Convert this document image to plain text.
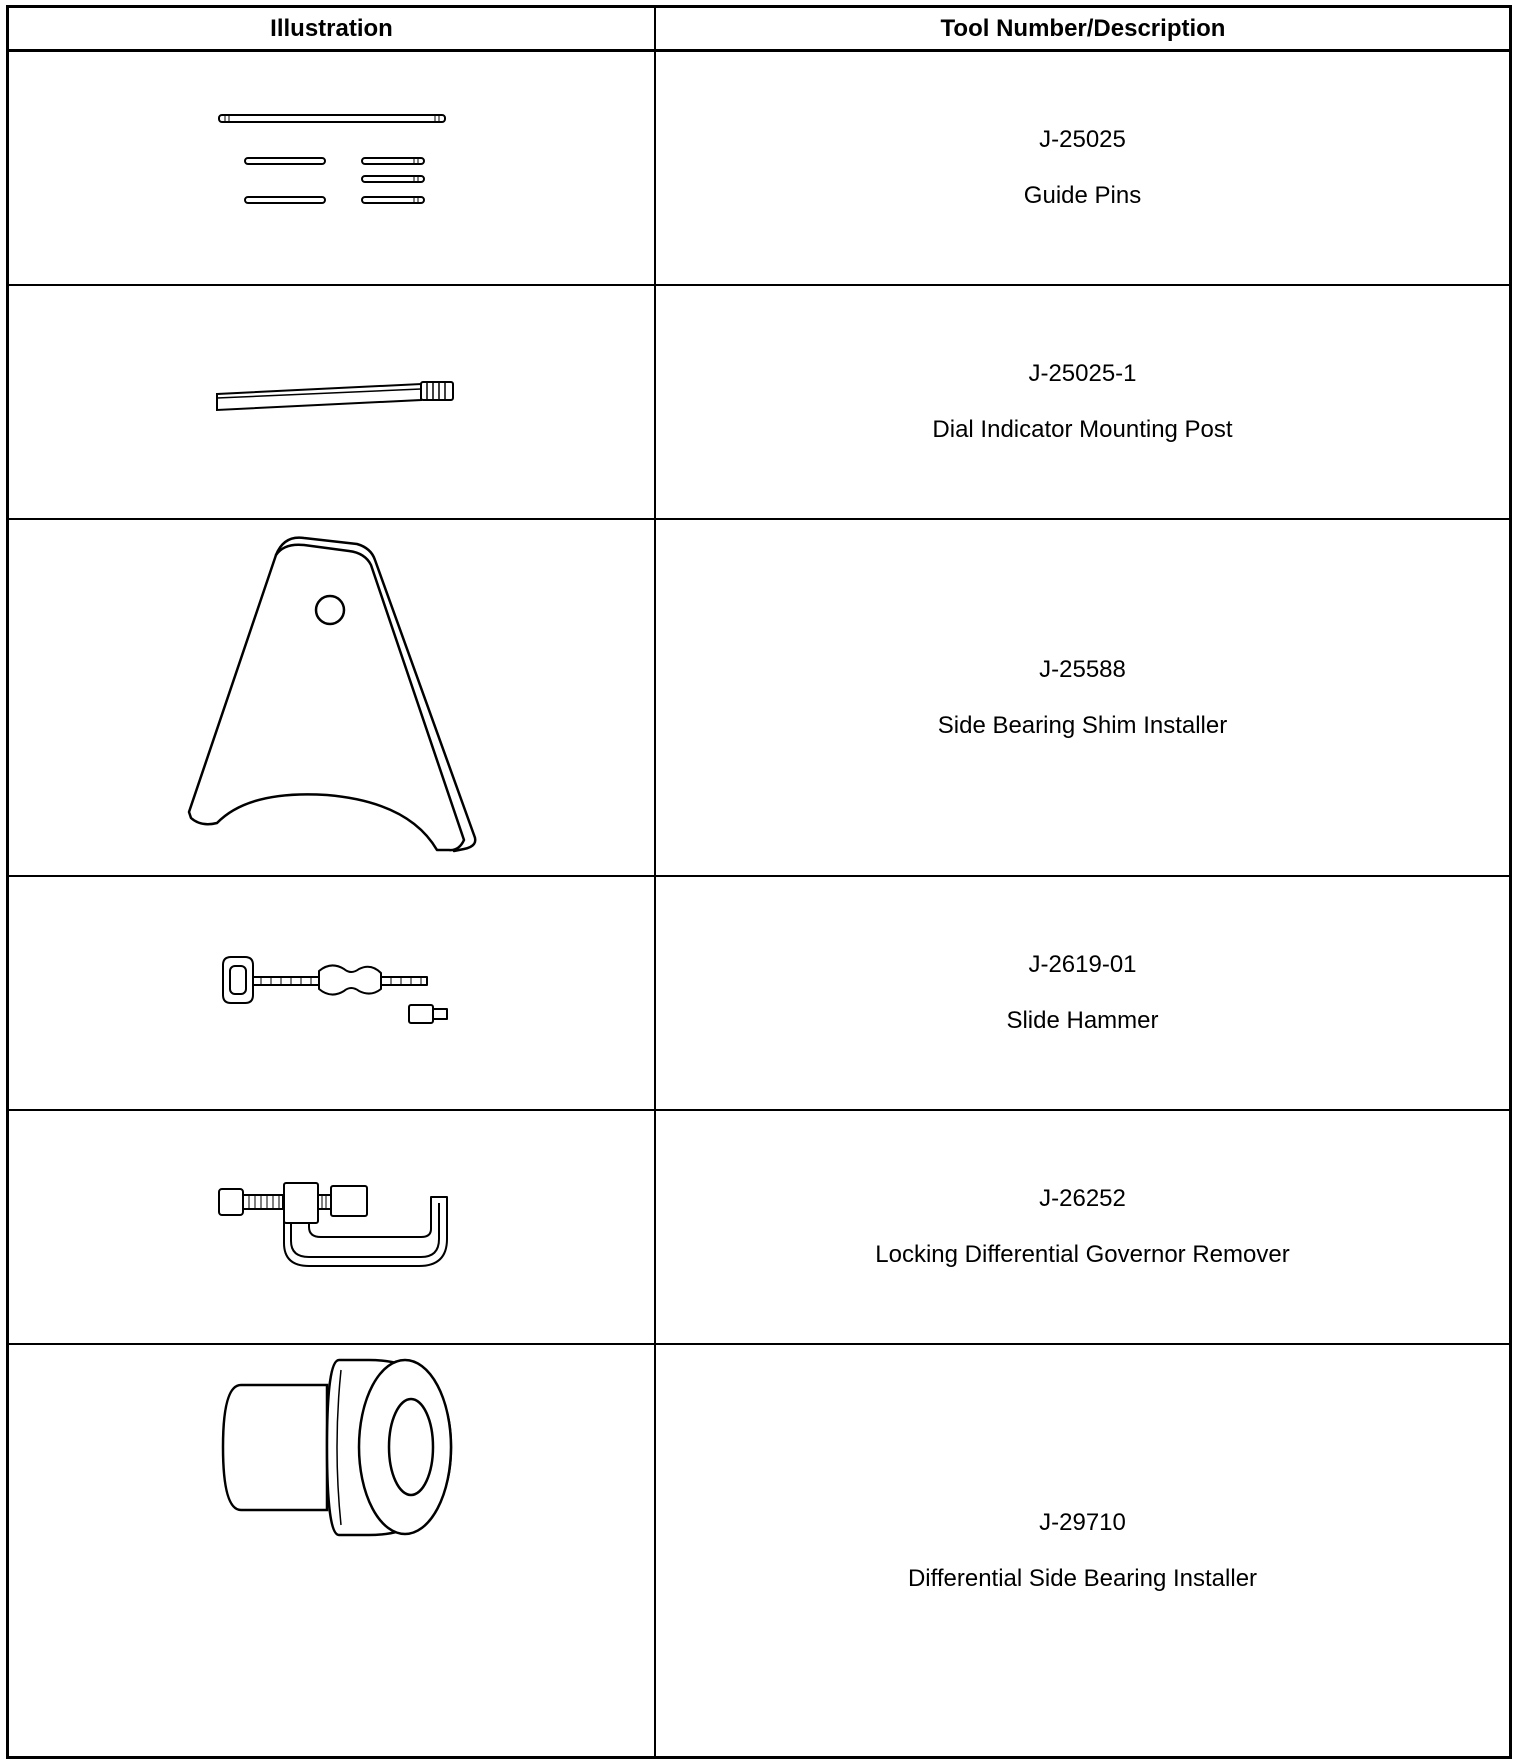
Illustration	Tool Number/Description

J-25025

Guide Pins

J-25025-1

Dial Indicator Mounting Post

J-25588

Side Bearing Shim Installer

J-2619-01

Slide Hammer

J-26252

Locking Differential Governor Remover

J-29710

Differential Side Bearing Installer
